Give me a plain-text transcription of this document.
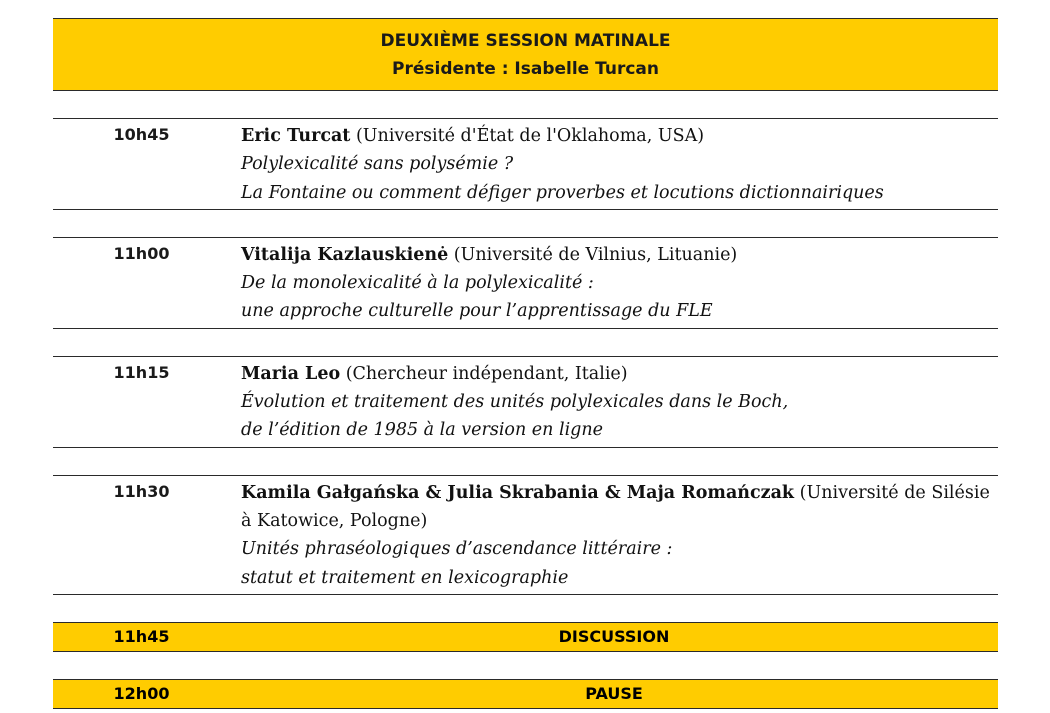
DEUXIÈME SESSION MATINALE
Présidente : Isabelle Turcan
10h45	Eric Turcat (Université d'État de l'Oklahoma, USA)
Polylexicalité sans polysémie ?
La Fontaine ou comment défiger proverbes et locutions dictionnairiques
11h00	Vitalija Kazlauskienė (Université de Vilnius, Lituanie)
De la monolexicalité à la polylexicalité :
une approche culturelle pour l’apprentissage du FLE
11h15	Maria Leo (Chercheur indépendant, Italie)
Évolution et traitement des unités polylexicales dans le Boch,
de l’édition de 1985 à la version en ligne
11h30	Kamila Gałgańska & Julia Skrabania & Maja Romańczak (Université de Silésie à Katowice, Pologne)
Unités phraséologiques d’ascendance littéraire :
statut et traitement en lexicographie
11h45	DISCUSSION
12h00	PAUSE
